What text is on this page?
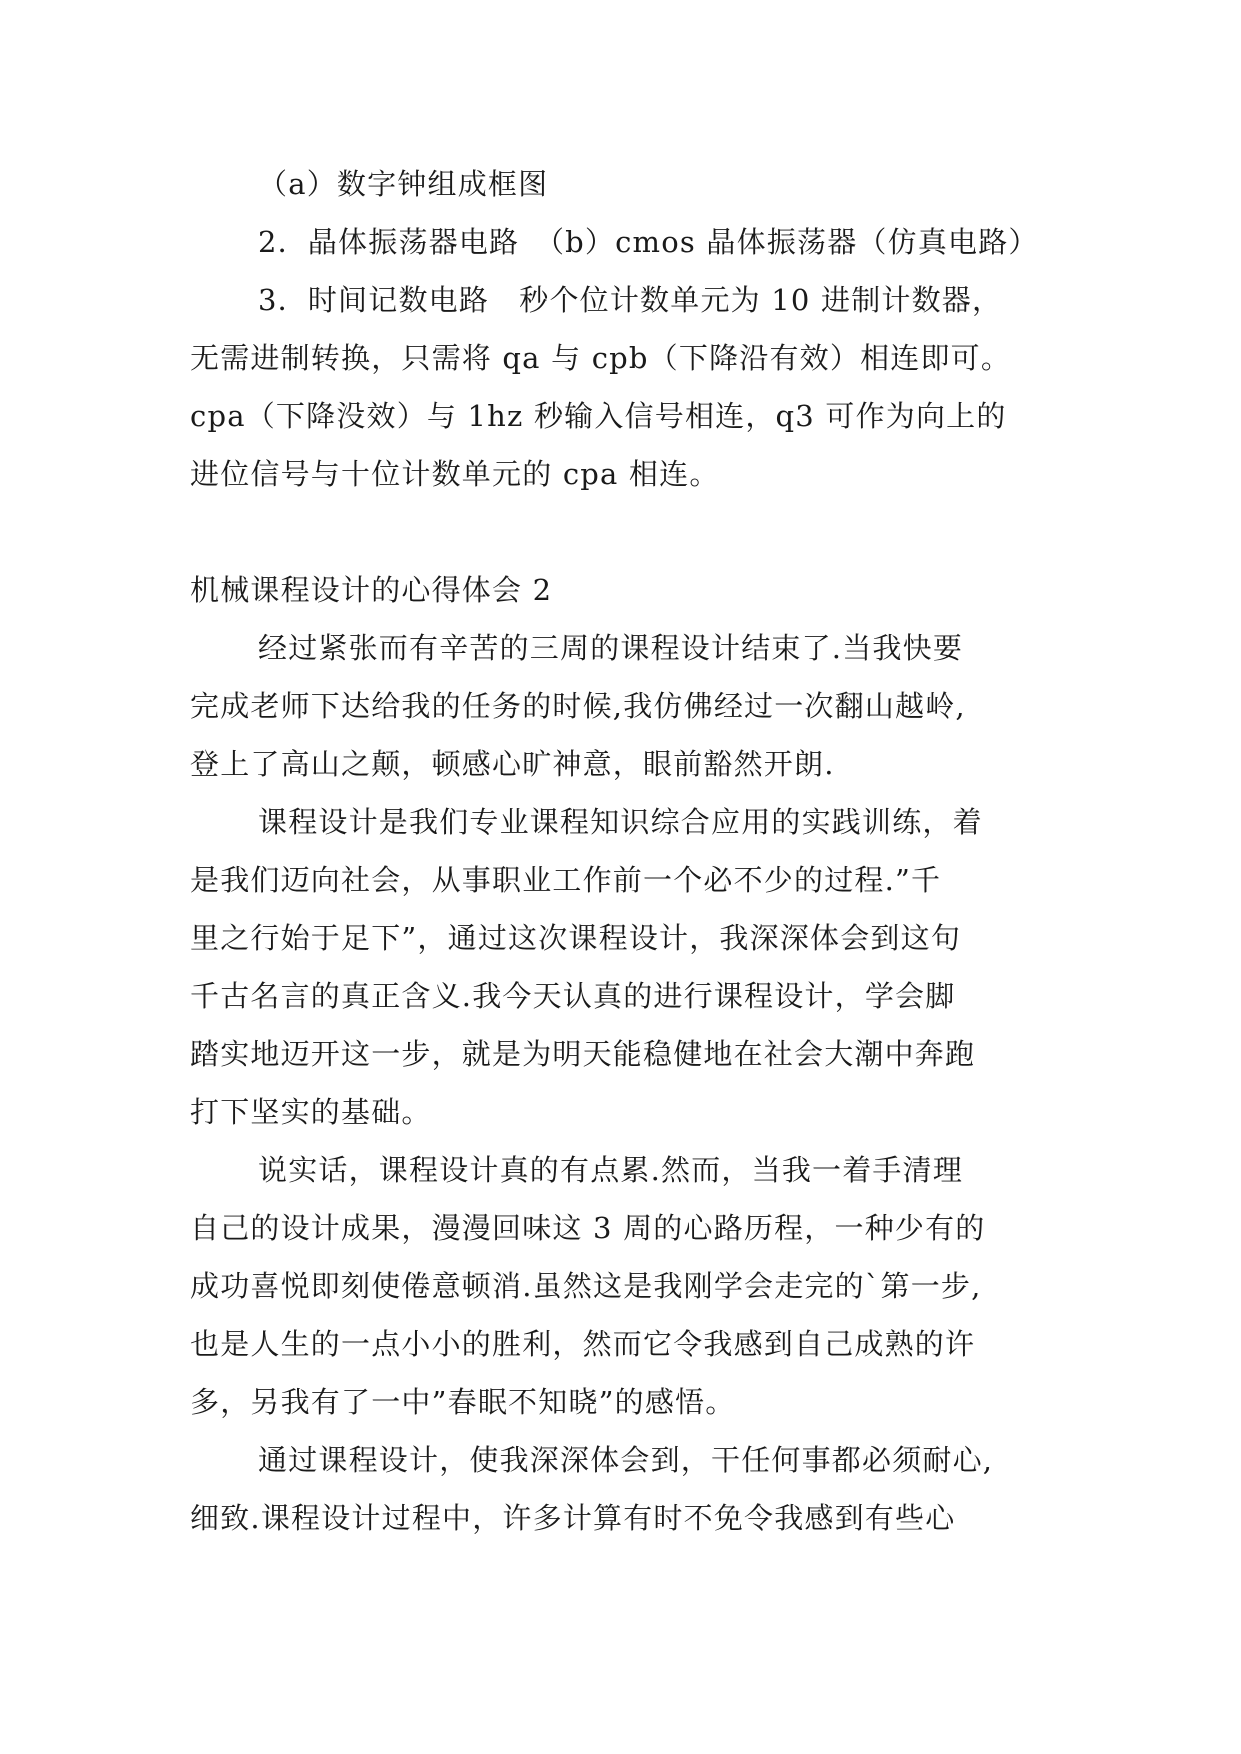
（a）数字钟组成框图
2．晶体振荡器电路　（b）cmos 晶体振荡器（仿真电路）
3．时间记数电路　秒个位计数单元为 10 进制计数器，
无需进制转换，只需将 qa 与 cpb（下降沿有效）相连即可。
cpa（下降没效）与 1hz 秒输入信号相连，q3 可作为向上的
进位信号与十位计数单元的 cpa 相连。
机械课程设计的心得体会 2
经过紧张而有辛苦的三周的课程设计结束了.当我快要
完成老师下达给我的任务的时候,我仿佛经过一次翻山越岭,
登上了高山之颠，顿感心旷神意，眼前豁然开朗.
课程设计是我们专业课程知识综合应用的实践训练，着
是我们迈向社会，从事职业工作前一个必不少的过程.”千
里之行始于足下”，通过这次课程设计，我深深体会到这句
千古名言的真正含义.我今天认真的进行课程设计，学会脚
踏实地迈开这一步，就是为明天能稳健地在社会大潮中奔跑
打下坚实的基础。
说实话，课程设计真的有点累.然而，当我一着手清理
自己的设计成果，漫漫回味这 3 周的心路历程，一种少有的
成功喜悦即刻使倦意顿消.虽然这是我刚学会走完的`第一步,
也是人生的一点小小的胜利，然而它令我感到自己成熟的许
多，另我有了一中”春眠不知晓”的感悟。
通过课程设计，使我深深体会到，干任何事都必须耐心,
细致.课程设计过程中，许多计算有时不免令我感到有些心
